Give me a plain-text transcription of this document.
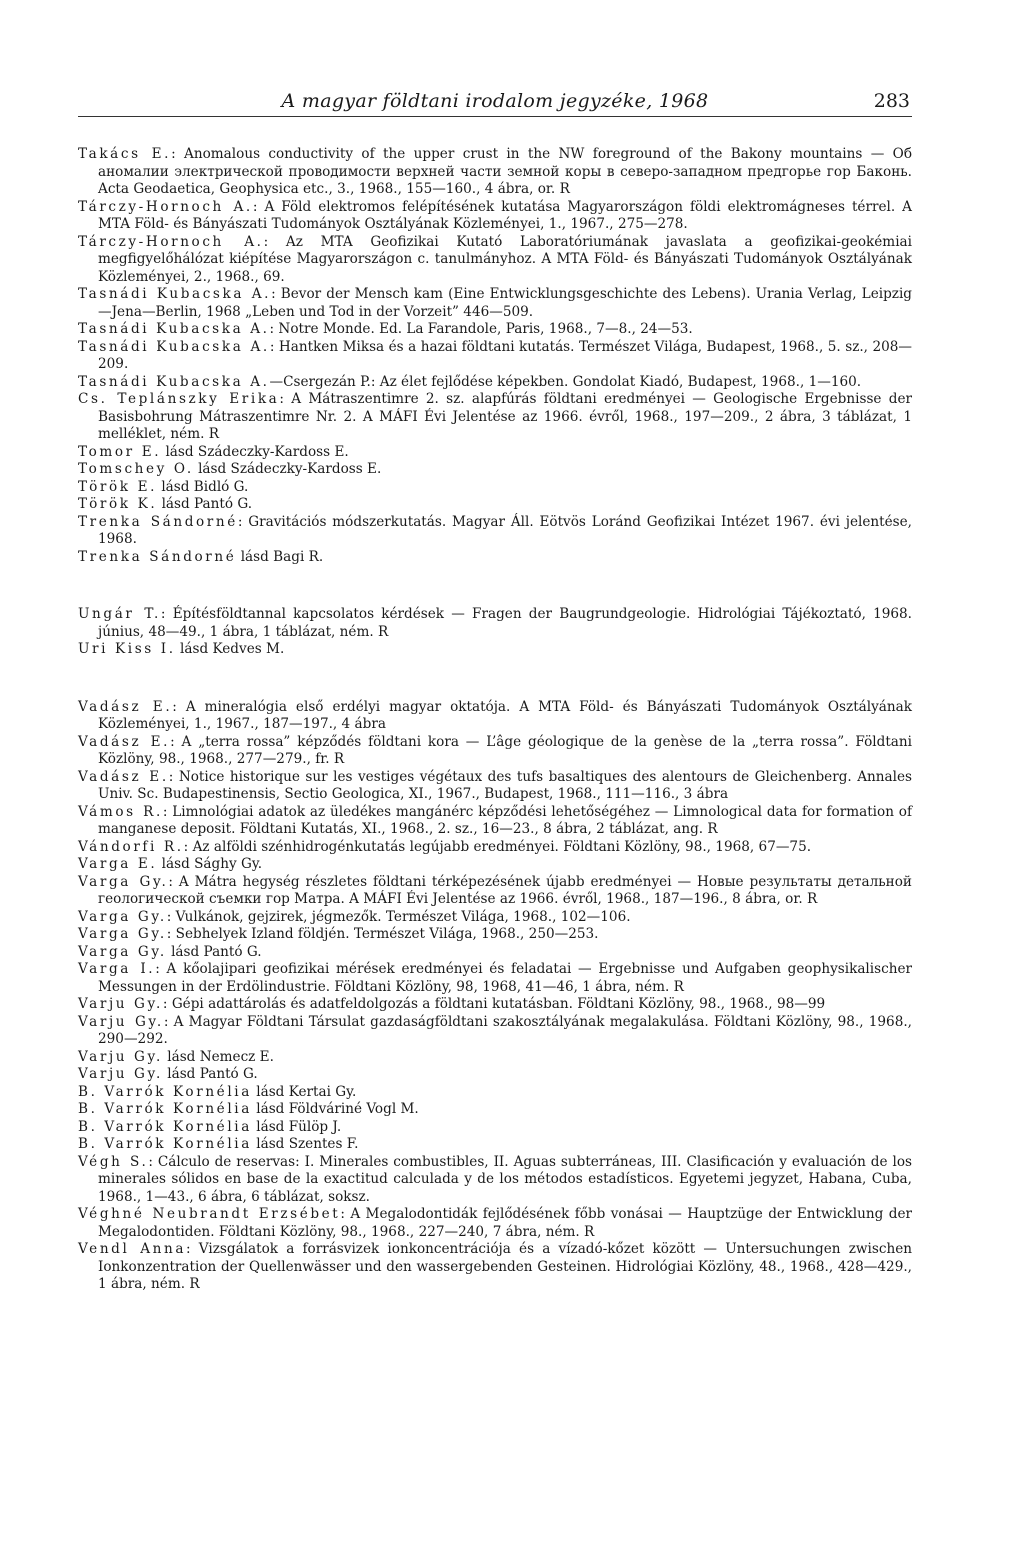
A magyar földtani irodalom jegyzéke, 1968	283

Takács E.: Anomalous conductivity of the upper crust in the NW foreground of the Bakony mountains — Об аномалии электрической проводимости верхней части земной коры в северо-западном предгорье гор Баконь. Acta Geodaetica, Geophysica etc., 3., 1968., 155—160., 4 ábra, or. R

Tárczy-Hornoch A.: A Föld elektromos felépítésének kutatása Magyarországon földi elektromágneses térrel. A MTA Föld- és Bányászati Tudományok Osztályának Közleményei, 1., 1967., 275—278.

Tárczy-Hornoch A.: Az MTA Geofizikai Kutató Laboratóriumának javaslata a geofizikai-geokémiai megfigyelőhálózat kiépítése Magyarországon c. tanulmányhoz. A MTA Föld- és Bányászati Tudományok Osztályának Közleményei, 2., 1968., 69.

Tasnádi Kubacska A.: Bevor der Mensch kam (Eine Entwicklungsgeschichte des Lebens). Urania Verlag, Leipzig—Jena—Berlin, 1968 „Leben und Tod in der Vorzeit” 446—509.

Tasnádi Kubacska A.: Notre Monde. Ed. La Farandole, Paris, 1968., 7—8., 24—53.

Tasnádi Kubacska A.: Hantken Miksa és a hazai földtani kutatás. Természet Világa, Budapest, 1968., 5. sz., 208—209.

Tasnádi Kubacska A.—Csergezán P.: Az élet fejlődése képekben. Gondolat Kiadó, Budapest, 1968., 1—160.

Cs. Teplánszky Erika: A Mátraszentimre 2. sz. alapfúrás földtani eredményei — Geologische Ergebnisse der Basisbohrung Mátraszentimre Nr. 2. A MÁFI Évi Jelentése az 1966. évről, 1968., 197—209., 2 ábra, 3 táblázat, 1 melléklet, ném. R

Tomor E. lásd Szádeczky-Kardoss E.

Tomschey O. lásd Szádeczky-Kardoss E.

Török E. lásd Bidló G.

Török K. lásd Pantó G.

Trenka Sándorné: Gravitációs módszerkutatás. Magyar Áll. Eötvös Loránd Geofizikai Intézet 1967. évi jelentése, 1968.

Trenka Sándorné lásd Bagi R.

Ungár T.: Építésföldtannal kapcsolatos kérdések — Fragen der Baugrundgeologie. Hidrológiai Tájékoztató, 1968. június, 48—49., 1 ábra, 1 táblázat, ném. R

Uri Kiss I. lásd Kedves M.

Vadász E.: A mineralógia első erdélyi magyar oktatója. A MTA Föld- és Bányászati Tudományok Osztályának Közleményei, 1., 1967., 187—197., 4 ábra

Vadász E.: A „terra rossa” képződés földtani kora — L’âge géologique de la genèse de la „terra rossa”. Földtani Közlöny, 98., 1968., 277—279., fr. R

Vadász E.: Notice historique sur les vestiges végétaux des tufs basaltiques des alentours de Gleichenberg. Annales Univ. Sc. Budapestinensis, Sectio Geologica, XI., 1967., Budapest, 1968., 111—116., 3 ábra

Vámos R.: Limnológiai adatok az üledékes mangánérc képződési lehetőségéhez — Limnological data for formation of manganese deposit. Földtani Kutatás, XI., 1968., 2. sz., 16—23., 8 ábra, 2 táblázat, ang. R

Vándorfi R.: Az alföldi szénhidrogénkutatás legújabb eredményei. Földtani Közlöny, 98., 1968, 67—75.

Varga E. lásd Sághy Gy.

Varga Gy.: A Mátra hegység részletes földtani térképezésének újabb eredményei — Новые результаты детальной геологической съемки гор Матра. A MÁFI Évi Jelentése az 1966. évről, 1968., 187—196., 8 ábra, or. R

Varga Gy.: Vulkánok, gejzirek, jégmezők. Természet Világa, 1968., 102—106.

Varga Gy.: Sebhelyek Izland földjén. Természet Világa, 1968., 250—253.

Varga Gy. lásd Pantó G.

Varga I.: A kőolajipari geofizikai mérések eredményei és feladatai — Ergebnisse und Aufgaben geophysikalischer Messungen in der Erdölindustrie. Földtani Közlöny, 98, 1968, 41—46, 1 ábra, ném. R

Varju Gy.: Gépi adattárolás és adatfeldolgozás a földtani kutatásban. Földtani Közlöny, 98., 1968., 98—99

Varju Gy.: A Magyar Földtani Társulat gazdaságföldtani szakosztályának megalakulása. Földtani Közlöny, 98., 1968., 290—292.

Varju Gy. lásd Nemecz E.

Varju Gy. lásd Pantó G.

B. Varrók Kornélia lásd Kertai Gy.

B. Varrók Kornélia lásd Földváriné Vogl M.

B. Varrók Kornélia lásd Fülöp J.

B. Varrók Kornélia lásd Szentes F.

Végh S.: Cálculo de reservas: I. Minerales combustibles, II. Aguas subterráneas, III. Clasificación y evaluación de los minerales sólidos en base de la exactitud calculada y de los métodos estadísticos. Egyetemi jegyzet, Habana, Cuba, 1968., 1—43., 6 ábra, 6 táblázat, soksz.

Véghné Neubrandt Erzsébet: A Megalodontidák fejlődésének főbb vonásai — Hauptzüge der Entwicklung der Megalodontiden. Földtani Közlöny, 98., 1968., 227—240, 7 ábra, ném. R

Vendl Anna: Vizsgálatok a forrásvizek ionkoncentrációja és a vízadó-kőzet között — Untersuchungen zwischen Ionkonzentration der Quellenwässer und den wassergebenden Gesteinen. Hidrológiai Közlöny, 48., 1968., 428—429., 1 ábra, ném. R
